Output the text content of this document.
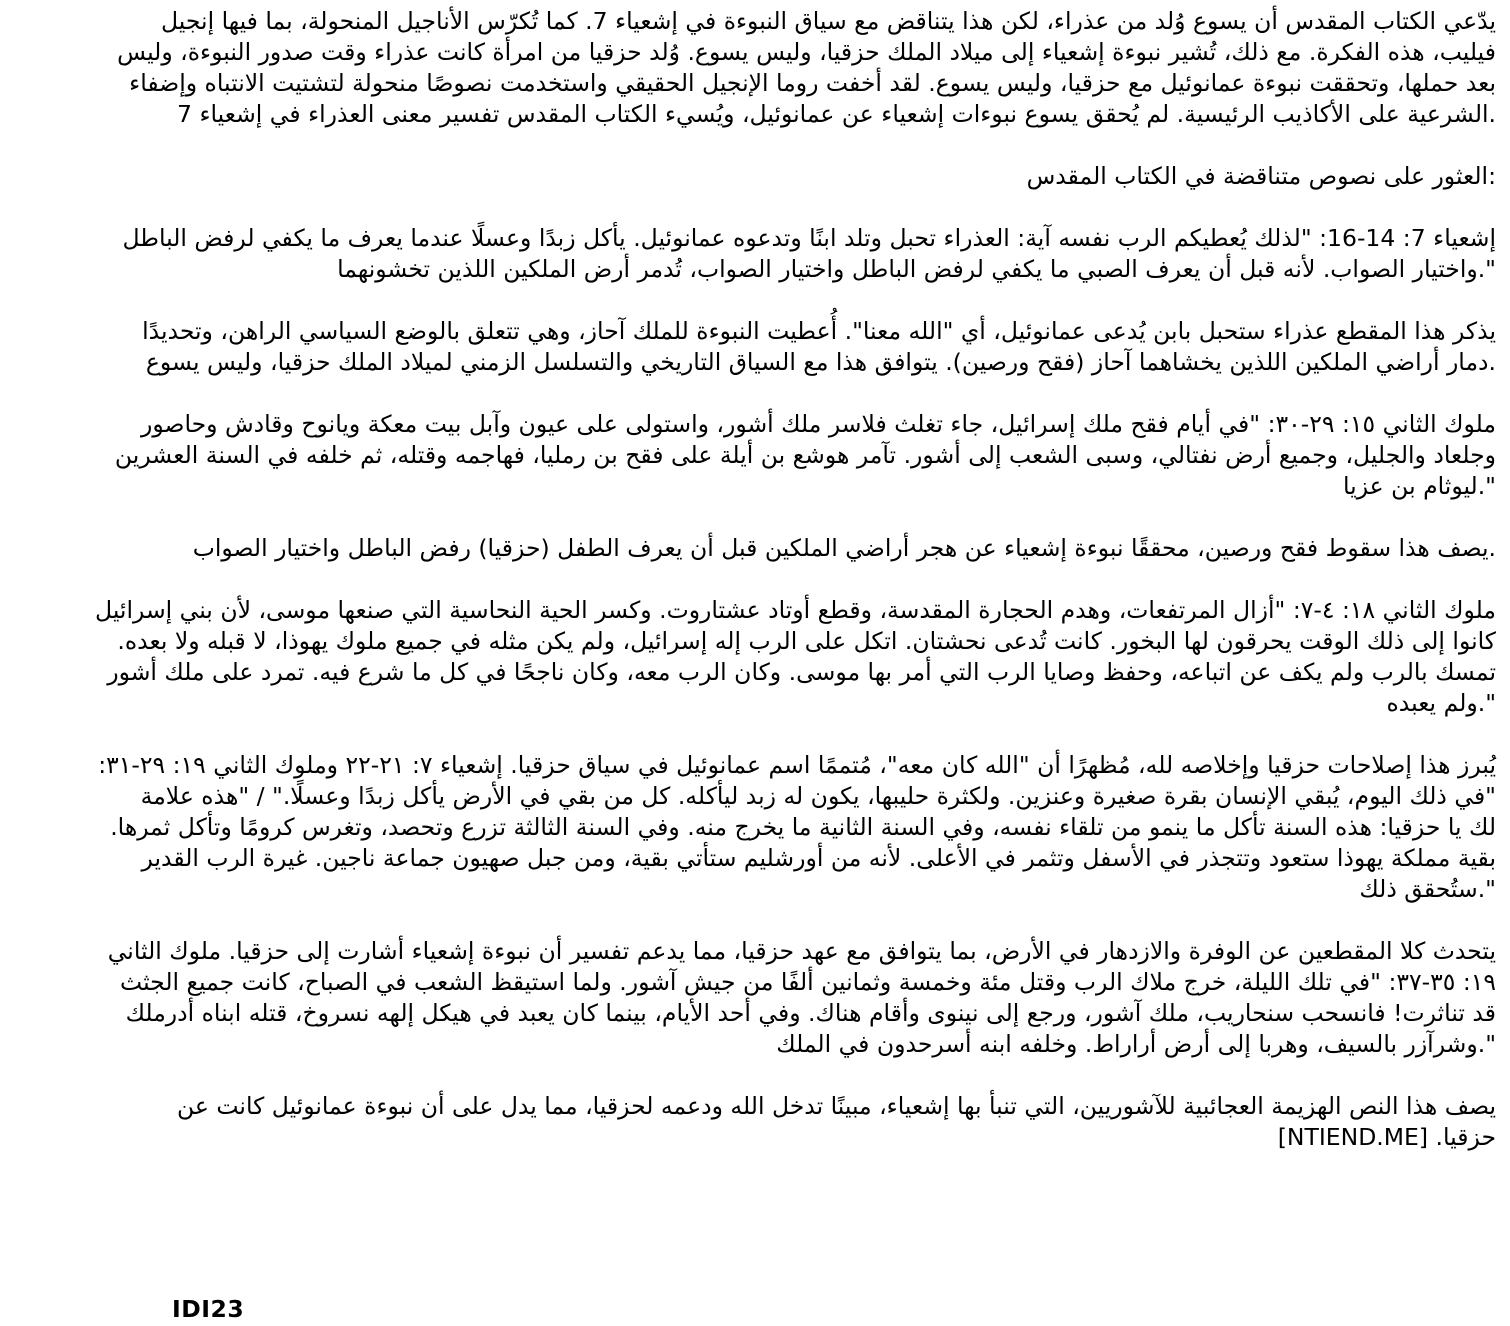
يدّعي الكتاب المقدس أن يسوع وُلد من عذراء، لكن هذا يتناقض مع سياق النبوءة في إشعياء 7. كما تُكرّس الأناجيل المنحولة، بما فيها إنجيل
فيليب، هذه الفكرة. مع ذلك، تُشير نبوءة إشعياء إلى ميلاد الملك حزقيا، وليس يسوع. وُلد حزقيا من امرأة كانت عذراء وقت صدور النبوءة، وليس
بعد حملها، وتحققت نبوءة عمانوئيل مع حزقيا، وليس يسوع. لقد أخفت روما الإنجيل الحقيقي واستخدمت نصوصًا منحولة لتشتيت الانتباه وإضفاء
.الشرعية على الأكاذيب الرئيسية. لم يُحقق يسوع نبوءات إشعياء عن عمانوئيل، ويُسيء الكتاب المقدس تفسير معنى العذراء في إشعياء 7

:العثور على نصوص متناقضة في الكتاب المقدس

إشعياء 7: 14-16: "لذلك يُعطيكم الرب نفسه آية: العذراء تحبل وتلد ابنًا وتدعوه عمانوئيل. يأكل زبدًا وعسلًا عندما يعرف ما يكفي لرفض الباطل
".واختيار الصواب. لأنه قبل أن يعرف الصبي ما يكفي لرفض الباطل واختيار الصواب، تُدمر أرض الملكين اللذين تخشونهما

يذكر هذا المقطع عذراء ستحبل بابن يُدعى عمانوئيل، أي "الله معنا". أُعطيت النبوءة للملك آحاز، وهي تتعلق بالوضع السياسي الراهن، وتحديدًا
.دمار أراضي الملكين اللذين يخشاهما آحاز (فقح ورصين). يتوافق هذا مع السياق التاريخي والتسلسل الزمني لميلاد الملك حزقيا، وليس يسوع

ملوك الثاني ١٥: ٢٩-٣٠: "في أيام فقح ملك إسرائيل، جاء تغلث فلاسر ملك أشور، واستولى على عيون وآبل بيت معكة ويانوح وقادش وحاصور
وجلعاد والجليل، وجميع أرض نفتالي، وسبى الشعب إلى أشور. تآمر هوشع بن أيلة على فقح بن رمليا، فهاجمه وقتله، ثم خلفه في السنة العشرين
".ليوثام بن عزيا

.يصف هذا سقوط فقح ورصين، محققًا نبوءة إشعياء عن هجر أراضي الملكين قبل أن يعرف الطفل (حزقيا) رفض الباطل واختيار الصواب

ملوك الثاني ١٨: ٤-٧: "أزال المرتفعات، وهدم الحجارة المقدسة، وقطع أوتاد عشتاروت. وكسر الحية النحاسية التي صنعها موسى، لأن بني إسرائيل
كانوا إلى ذلك الوقت يحرقون لها البخور. كانت تُدعى نحشتان. اتكل على الرب إله إسرائيل، ولم يكن مثله في جميع ملوك يهوذا، لا قبله ولا بعده.
تمسك بالرب ولم يكف عن اتباعه، وحفظ وصايا الرب التي أمر بها موسى. وكان الرب معه، وكان ناجحًا في كل ما شرع فيه. تمرد على ملك أشور
".ولم يعبده

يُبرز هذا إصلاحات حزقيا وإخلاصه لله، مُظهرًا أن "الله كان معه"، مُتممًا اسم عمانوئيل في سياق حزقيا. إشعياء ٧: ٢١-٢٢ وملوك الثاني ١٩: ٢٩-٣١:
"في ذلك اليوم، يُبقي الإنسان بقرة صغيرة وعنزين. ولكثرة حليبها، يكون له زبد ليأكله. كل من بقي في الأرض يأكل زبدًا وعسلًا." / "هذه علامة
لك يا حزقيا: هذه السنة تأكل ما ينمو من تلقاء نفسه، وفي السنة الثانية ما يخرج منه. وفي السنة الثالثة تزرع وتحصد، وتغرس كرومًا وتأكل ثمرها.
بقية مملكة يهوذا ستعود وتتجذر في الأسفل وتثمر في الأعلى. لأنه من أورشليم ستأتي بقية، ومن جبل صهيون جماعة ناجين. غيرة الرب القدير
".ستُحقق ذلك

يتحدث كلا المقطعين عن الوفرة والازدهار في الأرض، بما يتوافق مع عهد حزقيا، مما يدعم تفسير أن نبوءة إشعياء أشارت إلى حزقيا. ملوك الثاني
١٩: ٣٥-٣٧: "في تلك الليلة، خرج ملاك الرب وقتل مئة وخمسة وثمانين ألفًا من جيش آشور. ولما استيقظ الشعب في الصباح، كانت جميع الجثث
قد تناثرت! فانسحب سنحاريب، ملك آشور، ورجع إلى نينوى وأقام هناك. وفي أحد الأيام، بينما كان يعبد في هيكل إلهه نسروخ، قتله ابناه أدرملك
".وشرآزر بالسيف، وهربا إلى أرض أراراط. وخلفه ابنه أسرحدون في الملك

يصف هذا النص الهزيمة العجائبية للآشوريين، التي تنبأ بها إشعياء، مبينًا تدخل الله ودعمه لحزقيا، مما يدل على أن نبوءة عمانوئيل كانت عن
حزقيا. [NTIEND.ME]

IDI23
